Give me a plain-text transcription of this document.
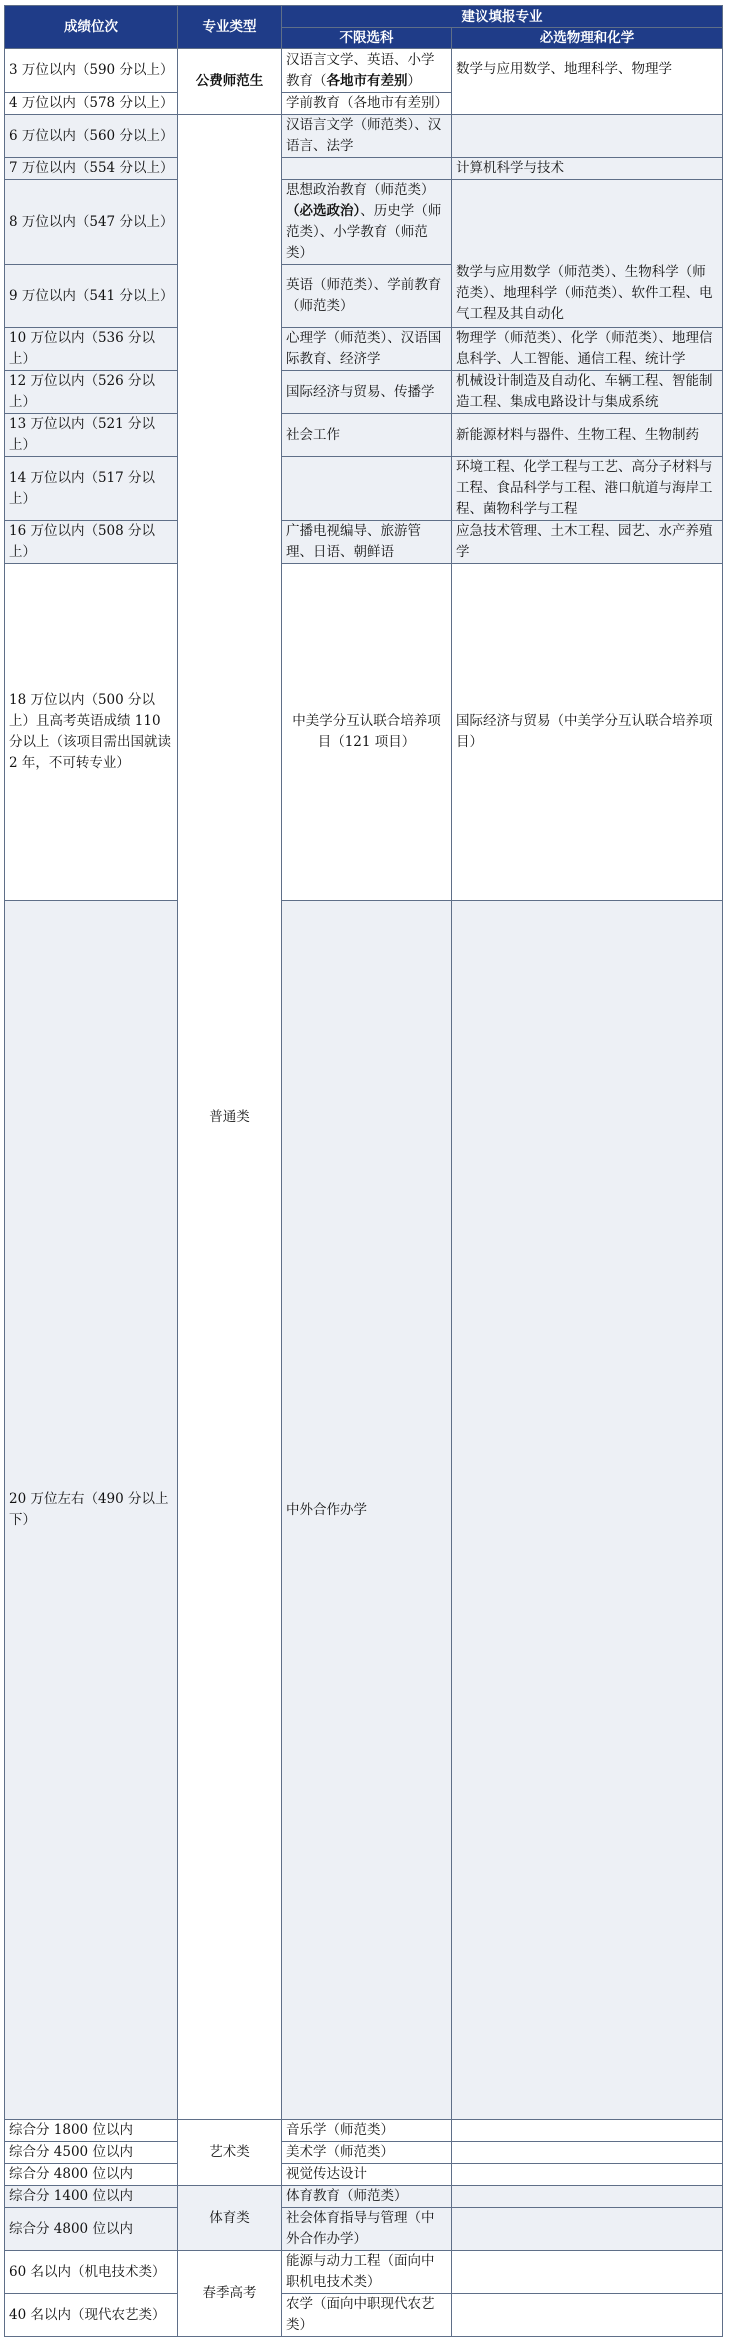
成绩位次	专业类型	建议填报专业		
		不限选科	必选物理和化学	
3 万位以内（590 分以上）	公费师范生	汉语言文学、英语、小学教育（各地市有差别）	数学与应用数学、地理科学、物理学	
4 万位以内（578 分以上）		学前教育（各地市有差别）		
6 万位以内（560 分以上）	普通类	汉语言文学（师范类）、汉语言、法学		
7 万位以内（554 分以上）			计算机科学与技术	
8 万位以内（547 分以上）		思想政治教育（师范类）（必选政治）、历史学（师范类）、小学教育（师范类）	数学与应用数学（师范类）、生物科学（师范类）、地理科学（师范类）、软件工程、电气工程及其自动化	
9 万位以内（541 分以上）		英语（师范类）、学前教育（师范类）		
10 万位以内（536 分以上）		心理学（师范类）、汉语国际教育、经济学	物理学（师范类）、化学（师范类）、地理信息科学、人工智能、通信工程、统计学	
12 万位以内（526 分以上）		国际经济与贸易、传播学	机械设计制造及自动化、车辆工程、智能制造工程、集成电路设计与集成系统	
13 万位以内（521 分以上）		社会工作	新能源材料与器件、生物工程、生物制药	
14 万位以内（517 分以上）			环境工程、化学工程与工艺、高分子材料与工程、食品科学与工程、港口航道与海岸工程、菌物科学与工程	
16 万位以内（508 分以上）		广播电视编导、旅游管理、日语、朝鲜语	应急技术管理、土木工程、园艺、水产养殖学	
18 万位以内（500 分以上）且高考英语成绩 110 分以上（该项目需出国就读 2 年，不可转专业）		中美学分互认联合培养项目（121 项目）	国际经济与贸易（中美学分互认联合培养项目）	
20 万位左右（490 分以上下）		中外合作办学		
综合分 1800 位以内	艺术类	音乐学（师范类）		
综合分 4500 位以内		美术学（师范类）		
综合分 4800 位以内		视觉传达设计		
综合分 1400 位以内	体育类	体育教育（师范类）		
综合分 4800 位以内		社会体育指导与管理（中外合作办学）		
60 名以内（机电技术类）	春季高考	能源与动力工程（面向中职机电技术类）		
40 名以内（现代农艺类）		农学（面向中职现代农艺类）		
